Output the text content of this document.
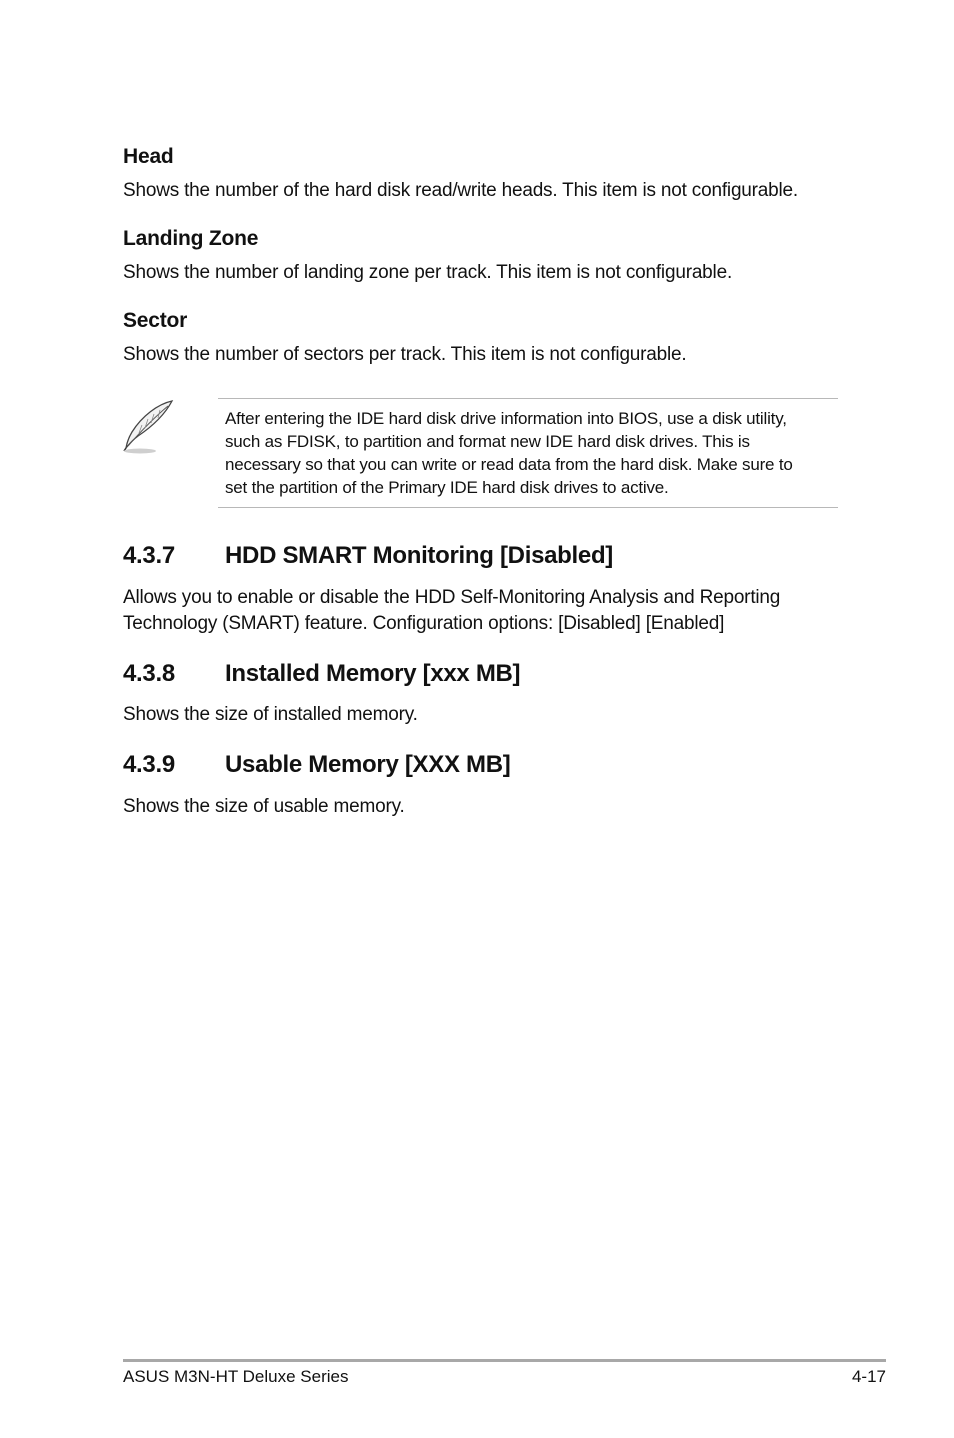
Head
Shows the number of the hard disk read/write heads. This item is not configurable.
Landing Zone
Shows the number of landing zone per track. This item is not configurable.
Sector
Shows the number of sectors per track. This item is not configurable.
After entering the IDE hard disk drive information into BIOS, use a disk utility,
such as FDISK, to partition and format new IDE hard disk drives. This is
necessary so that you can write or read data from the hard disk. Make sure to
set the partition of the Primary IDE hard disk drives to active.
4.3.7 HDD SMART Monitoring [Disabled]
Allows you to enable or disable the HDD Self-Monitoring Analysis and Reporting
Technology (SMART) feature. Configuration options: [Disabled] [Enabled]
4.3.8 Installed Memory [xxx MB]
Shows the size of installed memory.
4.3.9 Usable Memory [XXX MB]
Shows the size of usable memory.
ASUS M3N-HT Deluxe Series	4-17
